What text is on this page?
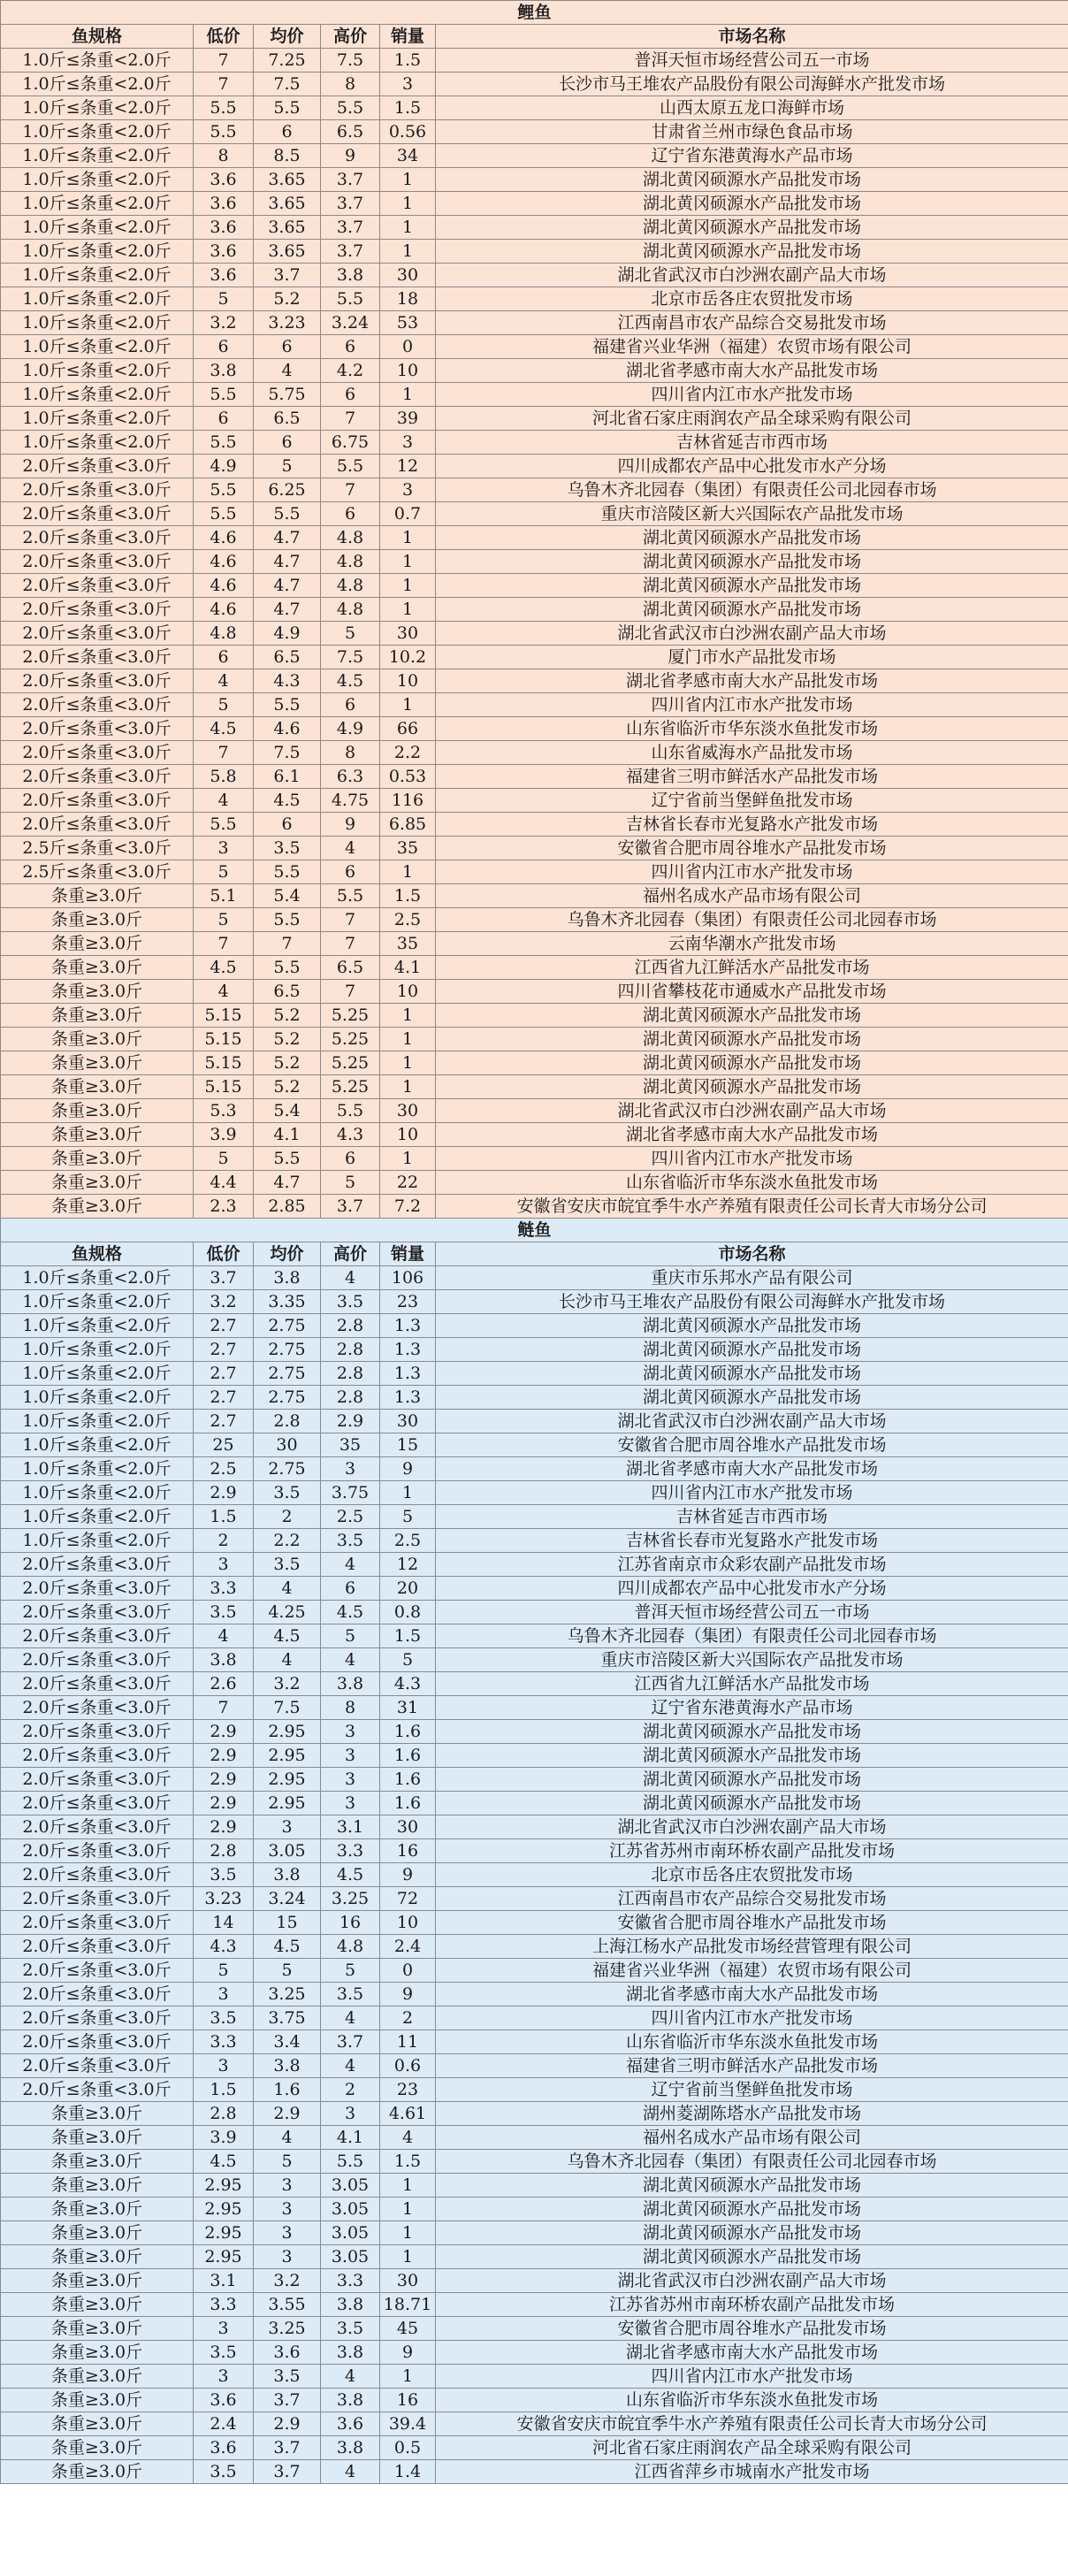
鲤鱼					
鱼规格	低价	均价	高价	销量	市场名称
1.0斤≤条重<2.0斤	7	7.25	7.5	1.5	普洱天恒市场经营公司五一市场
1.0斤≤条重<2.0斤	7	7.5	8	3	长沙市马王堆农产品股份有限公司海鲜水产批发市场
1.0斤≤条重<2.0斤	5.5	5.5	5.5	1.5	山西太原五龙口海鲜市场
1.0斤≤条重<2.0斤	5.5	6	6.5	0.56	甘肃省兰州市绿色食品市场
1.0斤≤条重<2.0斤	8	8.5	9	34	辽宁省东港黄海水产品市场
1.0斤≤条重<2.0斤	3.6	3.65	3.7	1	湖北黄冈硕源水产品批发市场
1.0斤≤条重<2.0斤	3.6	3.65	3.7	1	湖北黄冈硕源水产品批发市场
1.0斤≤条重<2.0斤	3.6	3.65	3.7	1	湖北黄冈硕源水产品批发市场
1.0斤≤条重<2.0斤	3.6	3.65	3.7	1	湖北黄冈硕源水产品批发市场
1.0斤≤条重<2.0斤	3.6	3.7	3.8	30	湖北省武汉市白沙洲农副产品大市场
1.0斤≤条重<2.0斤	5	5.2	5.5	18	北京市岳各庄农贸批发市场
1.0斤≤条重<2.0斤	3.2	3.23	3.24	53	江西南昌市农产品综合交易批发市场
1.0斤≤条重<2.0斤	6	6	6	0	福建省兴业华洲（福建）农贸市场有限公司
1.0斤≤条重<2.0斤	3.8	4	4.2	10	湖北省孝感市南大水产品批发市场
1.0斤≤条重<2.0斤	5.5	5.75	6	1	四川省内江市水产批发市场
1.0斤≤条重<2.0斤	6	6.5	7	39	河北省石家庄雨润农产品全球采购有限公司
1.0斤≤条重<2.0斤	5.5	6	6.75	3	吉林省延吉市西市场
2.0斤≤条重<3.0斤	4.9	5	5.5	12	四川成都农产品中心批发市水产分场
2.0斤≤条重<3.0斤	5.5	6.25	7	3	乌鲁木齐北园春（集团）有限责任公司北园春市场
2.0斤≤条重<3.0斤	5.5	5.5	6	0.7	重庆市涪陵区新大兴国际农产品批发市场
2.0斤≤条重<3.0斤	4.6	4.7	4.8	1	湖北黄冈硕源水产品批发市场
2.0斤≤条重<3.0斤	4.6	4.7	4.8	1	湖北黄冈硕源水产品批发市场
2.0斤≤条重<3.0斤	4.6	4.7	4.8	1	湖北黄冈硕源水产品批发市场
2.0斤≤条重<3.0斤	4.6	4.7	4.8	1	湖北黄冈硕源水产品批发市场
2.0斤≤条重<3.0斤	4.8	4.9	5	30	湖北省武汉市白沙洲农副产品大市场
2.0斤≤条重<3.0斤	6	6.5	7.5	10.2	厦门市水产品批发市场
2.0斤≤条重<3.0斤	4	4.3	4.5	10	湖北省孝感市南大水产品批发市场
2.0斤≤条重<3.0斤	5	5.5	6	1	四川省内江市水产批发市场
2.0斤≤条重<3.0斤	4.5	4.6	4.9	66	山东省临沂市华东淡水鱼批发市场
2.0斤≤条重<3.0斤	7	7.5	8	2.2	山东省威海水产品批发市场
2.0斤≤条重<3.0斤	5.8	6.1	6.3	0.53	福建省三明市鲜活水产品批发市场
2.0斤≤条重<3.0斤	4	4.5	4.75	116	辽宁省前当堡鲜鱼批发市场
2.0斤≤条重<3.0斤	5.5	6	9	6.85	吉林省长春市光复路水产批发市场
2.5斤≤条重<3.0斤	3	3.5	4	35	安徽省合肥市周谷堆水产品批发市场
2.5斤≤条重<3.0斤	5	5.5	6	1	四川省内江市水产批发市场
条重≥3.0斤	5.1	5.4	5.5	1.5	福州名成水产品市场有限公司
条重≥3.0斤	5	5.5	7	2.5	乌鲁木齐北园春（集团）有限责任公司北园春市场
条重≥3.0斤	7	7	7	35	云南华潮水产批发市场
条重≥3.0斤	4.5	5.5	6.5	4.1	江西省九江鲜活水产品批发市场
条重≥3.0斤	4	6.5	7	10	四川省攀枝花市通威水产品批发市场
条重≥3.0斤	5.15	5.2	5.25	1	湖北黄冈硕源水产品批发市场
条重≥3.0斤	5.15	5.2	5.25	1	湖北黄冈硕源水产品批发市场
条重≥3.0斤	5.15	5.2	5.25	1	湖北黄冈硕源水产品批发市场
条重≥3.0斤	5.15	5.2	5.25	1	湖北黄冈硕源水产品批发市场
条重≥3.0斤	5.3	5.4	5.5	30	湖北省武汉市白沙洲农副产品大市场
条重≥3.0斤	3.9	4.1	4.3	10	湖北省孝感市南大水产品批发市场
条重≥3.0斤	5	5.5	6	1	四川省内江市水产批发市场
条重≥3.0斤	4.4	4.7	5	22	山东省临沂市华东淡水鱼批发市场
条重≥3.0斤	2.3	2.85	3.7	7.2	安徽省安庆市皖宜季牛水产养殖有限责任公司长青大市场分公司
鲢鱼					
鱼规格	低价	均价	高价	销量	市场名称
1.0斤≤条重<2.0斤	3.7	3.8	4	106	重庆市乐邦水产品有限公司
1.0斤≤条重<2.0斤	3.2	3.35	3.5	23	长沙市马王堆农产品股份有限公司海鲜水产批发市场
1.0斤≤条重<2.0斤	2.7	2.75	2.8	1.3	湖北黄冈硕源水产品批发市场
1.0斤≤条重<2.0斤	2.7	2.75	2.8	1.3	湖北黄冈硕源水产品批发市场
1.0斤≤条重<2.0斤	2.7	2.75	2.8	1.3	湖北黄冈硕源水产品批发市场
1.0斤≤条重<2.0斤	2.7	2.75	2.8	1.3	湖北黄冈硕源水产品批发市场
1.0斤≤条重<2.0斤	2.7	2.8	2.9	30	湖北省武汉市白沙洲农副产品大市场
1.0斤≤条重<2.0斤	25	30	35	15	安徽省合肥市周谷堆水产品批发市场
1.0斤≤条重<2.0斤	2.5	2.75	3	9	湖北省孝感市南大水产品批发市场
1.0斤≤条重<2.0斤	2.9	3.5	3.75	1	四川省内江市水产批发市场
1.0斤≤条重<2.0斤	1.5	2	2.5	5	吉林省延吉市西市场
1.0斤≤条重<2.0斤	2	2.2	3.5	2.5	吉林省长春市光复路水产批发市场
2.0斤≤条重<3.0斤	3	3.5	4	12	江苏省南京市众彩农副产品批发市场
2.0斤≤条重<3.0斤	3.3	4	6	20	四川成都农产品中心批发市水产分场
2.0斤≤条重<3.0斤	3.5	4.25	4.5	0.8	普洱天恒市场经营公司五一市场
2.0斤≤条重<3.0斤	4	4.5	5	1.5	乌鲁木齐北园春（集团）有限责任公司北园春市场
2.0斤≤条重<3.0斤	3.8	4	4	5	重庆市涪陵区新大兴国际农产品批发市场
2.0斤≤条重<3.0斤	2.6	3.2	3.8	4.3	江西省九江鲜活水产品批发市场
2.0斤≤条重<3.0斤	7	7.5	8	31	辽宁省东港黄海水产品市场
2.0斤≤条重<3.0斤	2.9	2.95	3	1.6	湖北黄冈硕源水产品批发市场
2.0斤≤条重<3.0斤	2.9	2.95	3	1.6	湖北黄冈硕源水产品批发市场
2.0斤≤条重<3.0斤	2.9	2.95	3	1.6	湖北黄冈硕源水产品批发市场
2.0斤≤条重<3.0斤	2.9	2.95	3	1.6	湖北黄冈硕源水产品批发市场
2.0斤≤条重<3.0斤	2.9	3	3.1	30	湖北省武汉市白沙洲农副产品大市场
2.0斤≤条重<3.0斤	2.8	3.05	3.3	16	江苏省苏州市南环桥农副产品批发市场
2.0斤≤条重<3.0斤	3.5	3.8	4.5	9	北京市岳各庄农贸批发市场
2.0斤≤条重<3.0斤	3.23	3.24	3.25	72	江西南昌市农产品综合交易批发市场
2.0斤≤条重<3.0斤	14	15	16	10	安徽省合肥市周谷堆水产品批发市场
2.0斤≤条重<3.0斤	4.3	4.5	4.8	2.4	上海江杨水产品批发市场经营管理有限公司
2.0斤≤条重<3.0斤	5	5	5	0	福建省兴业华洲（福建）农贸市场有限公司
2.0斤≤条重<3.0斤	3	3.25	3.5	9	湖北省孝感市南大水产品批发市场
2.0斤≤条重<3.0斤	3.5	3.75	4	2	四川省内江市水产批发市场
2.0斤≤条重<3.0斤	3.3	3.4	3.7	11	山东省临沂市华东淡水鱼批发市场
2.0斤≤条重<3.0斤	3	3.8	4	0.6	福建省三明市鲜活水产品批发市场
2.0斤≤条重<3.0斤	1.5	1.6	2	23	辽宁省前当堡鲜鱼批发市场
条重≥3.0斤	2.8	2.9	3	4.61	湖州菱湖陈塔水产品批发市场
条重≥3.0斤	3.9	4	4.1	4	福州名成水产品市场有限公司
条重≥3.0斤	4.5	5	5.5	1.5	乌鲁木齐北园春（集团）有限责任公司北园春市场
条重≥3.0斤	2.95	3	3.05	1	湖北黄冈硕源水产品批发市场
条重≥3.0斤	2.95	3	3.05	1	湖北黄冈硕源水产品批发市场
条重≥3.0斤	2.95	3	3.05	1	湖北黄冈硕源水产品批发市场
条重≥3.0斤	2.95	3	3.05	1	湖北黄冈硕源水产品批发市场
条重≥3.0斤	3.1	3.2	3.3	30	湖北省武汉市白沙洲农副产品大市场
条重≥3.0斤	3.3	3.55	3.8	18.71	江苏省苏州市南环桥农副产品批发市场
条重≥3.0斤	3	3.25	3.5	45	安徽省合肥市周谷堆水产品批发市场
条重≥3.0斤	3.5	3.6	3.8	9	湖北省孝感市南大水产品批发市场
条重≥3.0斤	3	3.5	4	1	四川省内江市水产批发市场
条重≥3.0斤	3.6	3.7	3.8	16	山东省临沂市华东淡水鱼批发市场
条重≥3.0斤	2.4	2.9	3.6	39.4	安徽省安庆市皖宜季牛水产养殖有限责任公司长青大市场分公司
条重≥3.0斤	3.6	3.7	3.8	0.5	河北省石家庄雨润农产品全球采购有限公司
条重≥3.0斤	3.5	3.7	4	1.4	江西省萍乡市城南水产批发市场
